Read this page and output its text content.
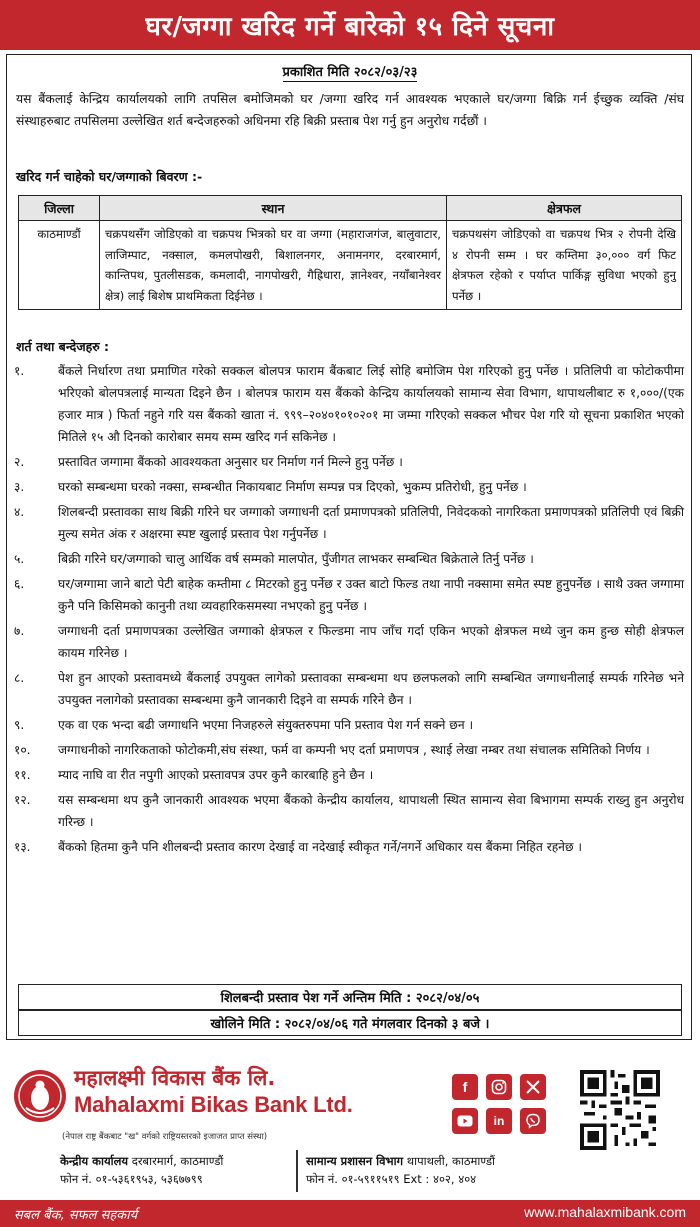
घर/जग्गा खरिद गर्ने बारेको १५ दिने सूचना
प्रकाशित मिति २०८२/०३/२३
यस बैंकलाई केन्द्रिय कार्यालयको लागि तपसिल बमोजिमको घर /जग्गा खरिद गर्न आवश्यक भएकाले घर/जग्गा बिक्रि गर्न ईच्छुक व्यक्ति /संघ संस्थाहरुबाट तपसिलमा उल्लेखित शर्त बन्देजहरुको अधिनमा रहि बिक्री प्रस्ताब पेश गर्नु हुन अनुरोध गर्दछौं ।
खरिद गर्न चाहेको घर/जग्गाको बिवरण :-
जिल्ला	स्थान	क्षेत्रफल
काठमाण्डौं	चक्रपथसँग जोडिएको वा चक्रपथ भित्रको घर वा जग्गा (महाराजगंज, बालुवाटार, लाजिम्पाट, नक्साल, कमलपोखरी, बिशालनगर, अनामनगर, दरबारमार्ग, कान्तिपथ, पुतलीसडक, कमलादी, नागपोखरी, गैह्रिधारा, ज्ञानेश्वर, नयाँबानेश्वर क्षेत्र) लाई बिशेष प्राथमिकता दिईनेछ ।	चक्रपथसंग जोडिएको वा चक्रपथ भित्र २ रोपनी देखि ४ रोपनी सम्म । घर कम्तिमा ३०,००० वर्ग फिट क्षेत्रफल रहेको र पर्याप्त पार्किङ्ग सुविधा भएको हुनु पर्नेछ ।
शर्त तथा बन्देजहरु :
१.	बैंकले निर्धारण तथा प्रमाणित गरेको सक्कल बोलपत्र फाराम बैंकबाट लिई सोहि बमोजिम पेश गरिएको हुनु पर्नेछ । प्रतिलिपी वा फोटोकपीमा भरिएको बोलपत्रलाई मान्यता दिइने छैन । बोलपत्र फाराम यस बैंकको केन्द्रिय कार्यालयको सामान्य सेवा विभाग, थापाथलीबाट रु १,०००/(एक हजार मात्र ) फिर्ता नहुने गरि यस बैंकको खाता नं. ९९९–२०४०१०१०२०१ मा जम्मा गरिएको सक्कल भौचर पेश गरि यो सूचना प्रकाशित भएको मितिले १५ औ दिनको कारोबार समय सम्म खरिद गर्न सकिनेछ ।
२.	प्रस्तावित जग्गामा बैंकको आवश्यकता अनुसार घर निर्माण गर्न मिल्ने हुनु पर्नेछ ।
३.	घरको सम्बन्धमा घरको नक्सा, सम्बन्धीत निकायबाट निर्माण सम्पन्न पत्र दिएको, भुकम्प प्रतिरोधी, हुनु पर्नेछ ।
४.	शिलबन्दी प्रस्तावका साथ बिक्री गरिने घर जग्गाको जग्गाधनी दर्ता प्रमाणपत्रको प्रतिलिपी, निवेदकको नागरिकता प्रमाणपत्रको प्रतिलिपी एवं बिक्री मुल्य समेत अंक र अक्षरमा स्पष्ट खुलाई प्रस्ताव पेश गर्नुपर्नेछ ।
५.	बिक्री गरिने घर/जग्गाको चालु आर्थिक वर्ष सम्मको मालपोत, पुँजीगत लाभकर सम्बन्धित बिक्रेताले तिर्नु पर्नेछ ।
६.	घर/जग्गामा जाने बाटो पेटी बाहेक कम्तीमा ८ मिटरको हुनु पर्नेछ र उक्त बाटो फिल्ड तथा नापी नक्सामा समेत स्पष्ट हुनुपर्नेछ । साथै उक्त जग्गामा कुनै पनि किसिमको कानुनी तथा व्यवहारिकसमस्या नभएको हुनु पर्नेछ ।
७.	जग्गाधनी दर्ता प्रमाणपत्रका उल्लेखित जग्गाको क्षेत्रफल र फिल्डमा नाप जाँच गर्दा एकिन भएको क्षेत्रफल मध्ये जुन कम हुन्छ सोही क्षेत्रफल कायम गरिनेछ ।
८.	पेश हुन आएको प्रस्तावमध्ये बैंकलाई उपयुक्त लागेको प्रस्तावका सम्बन्धमा थप छलफलको लागि सम्बन्धित जग्गाधनीलाई सम्पर्क गरिनेछ भने उपयुक्त नलागेको प्रस्तावका सम्बन्धमा कुनै जानकारी दिइने वा सम्पर्क गरिने छैन ।
९.	एक वा एक भन्दा बढी जग्गाधनि भएमा निजहरुले संयुक्तरुपमा पनि प्रस्ताव पेश गर्न सक्ने छन ।
१०.	जग्गाधनीको नागरिकताको फोटोकमी,संघ संस्था, फर्म वा कम्पनी भए दर्ता प्रमाणपत्र , स्थाई लेखा नम्बर तथा संचालक समितिको निर्णय ।
११.	म्याद नाघि वा रीत नपुगी आएको प्रस्तावपत्र उपर कुनै कारबाहि हुने छैन ।
१२.	यस सम्बन्धमा थप कुनै जानकारी आवश्यक भएमा बैंकको केन्द्रीय कार्यालय, थापाथली स्थित सामान्य सेवा बिभागमा सम्पर्क राख्नु हुन अनुरोध गरिन्छ ।
१३.	बैंकको हितमा कुनै पनि शीलबन्दी प्रस्ताव कारण देखाई वा नदेखाई स्वीकृत गर्ने/नगर्ने अधिकार यस बैंकमा निहित रहनेछ ।
शिलबन्दी प्रस्ताव पेश गर्ने अन्तिम मिति : २०८२/०४/०५
खोलिने मिति : २०८२/०४/०६ गते मंगलवार दिनको ३ बजे ।
महालक्ष्मी विकास बैंक लि.
Mahalaxmi Bikas Bank Ltd.
(नेपाल राष्ट्र बैंकबाट "ख" वर्गको राष्ट्रियस्तरको इजाजत प्राप्त संस्था)
केन्द्रीय कार्यालय दरबारमार्ग, काठमाण्डौं
फोन नं. ०१-५३६१९५३, ५३६७७९९
सामान्य प्रशासन विभाग थापाथली, काठमाण्डौं
फोन नं. ०१-५९११५१९ Ext : ४०२, ४०४
f
in
सबल बैंक, सफल सहकार्य	www.mahalaxmibank.com
